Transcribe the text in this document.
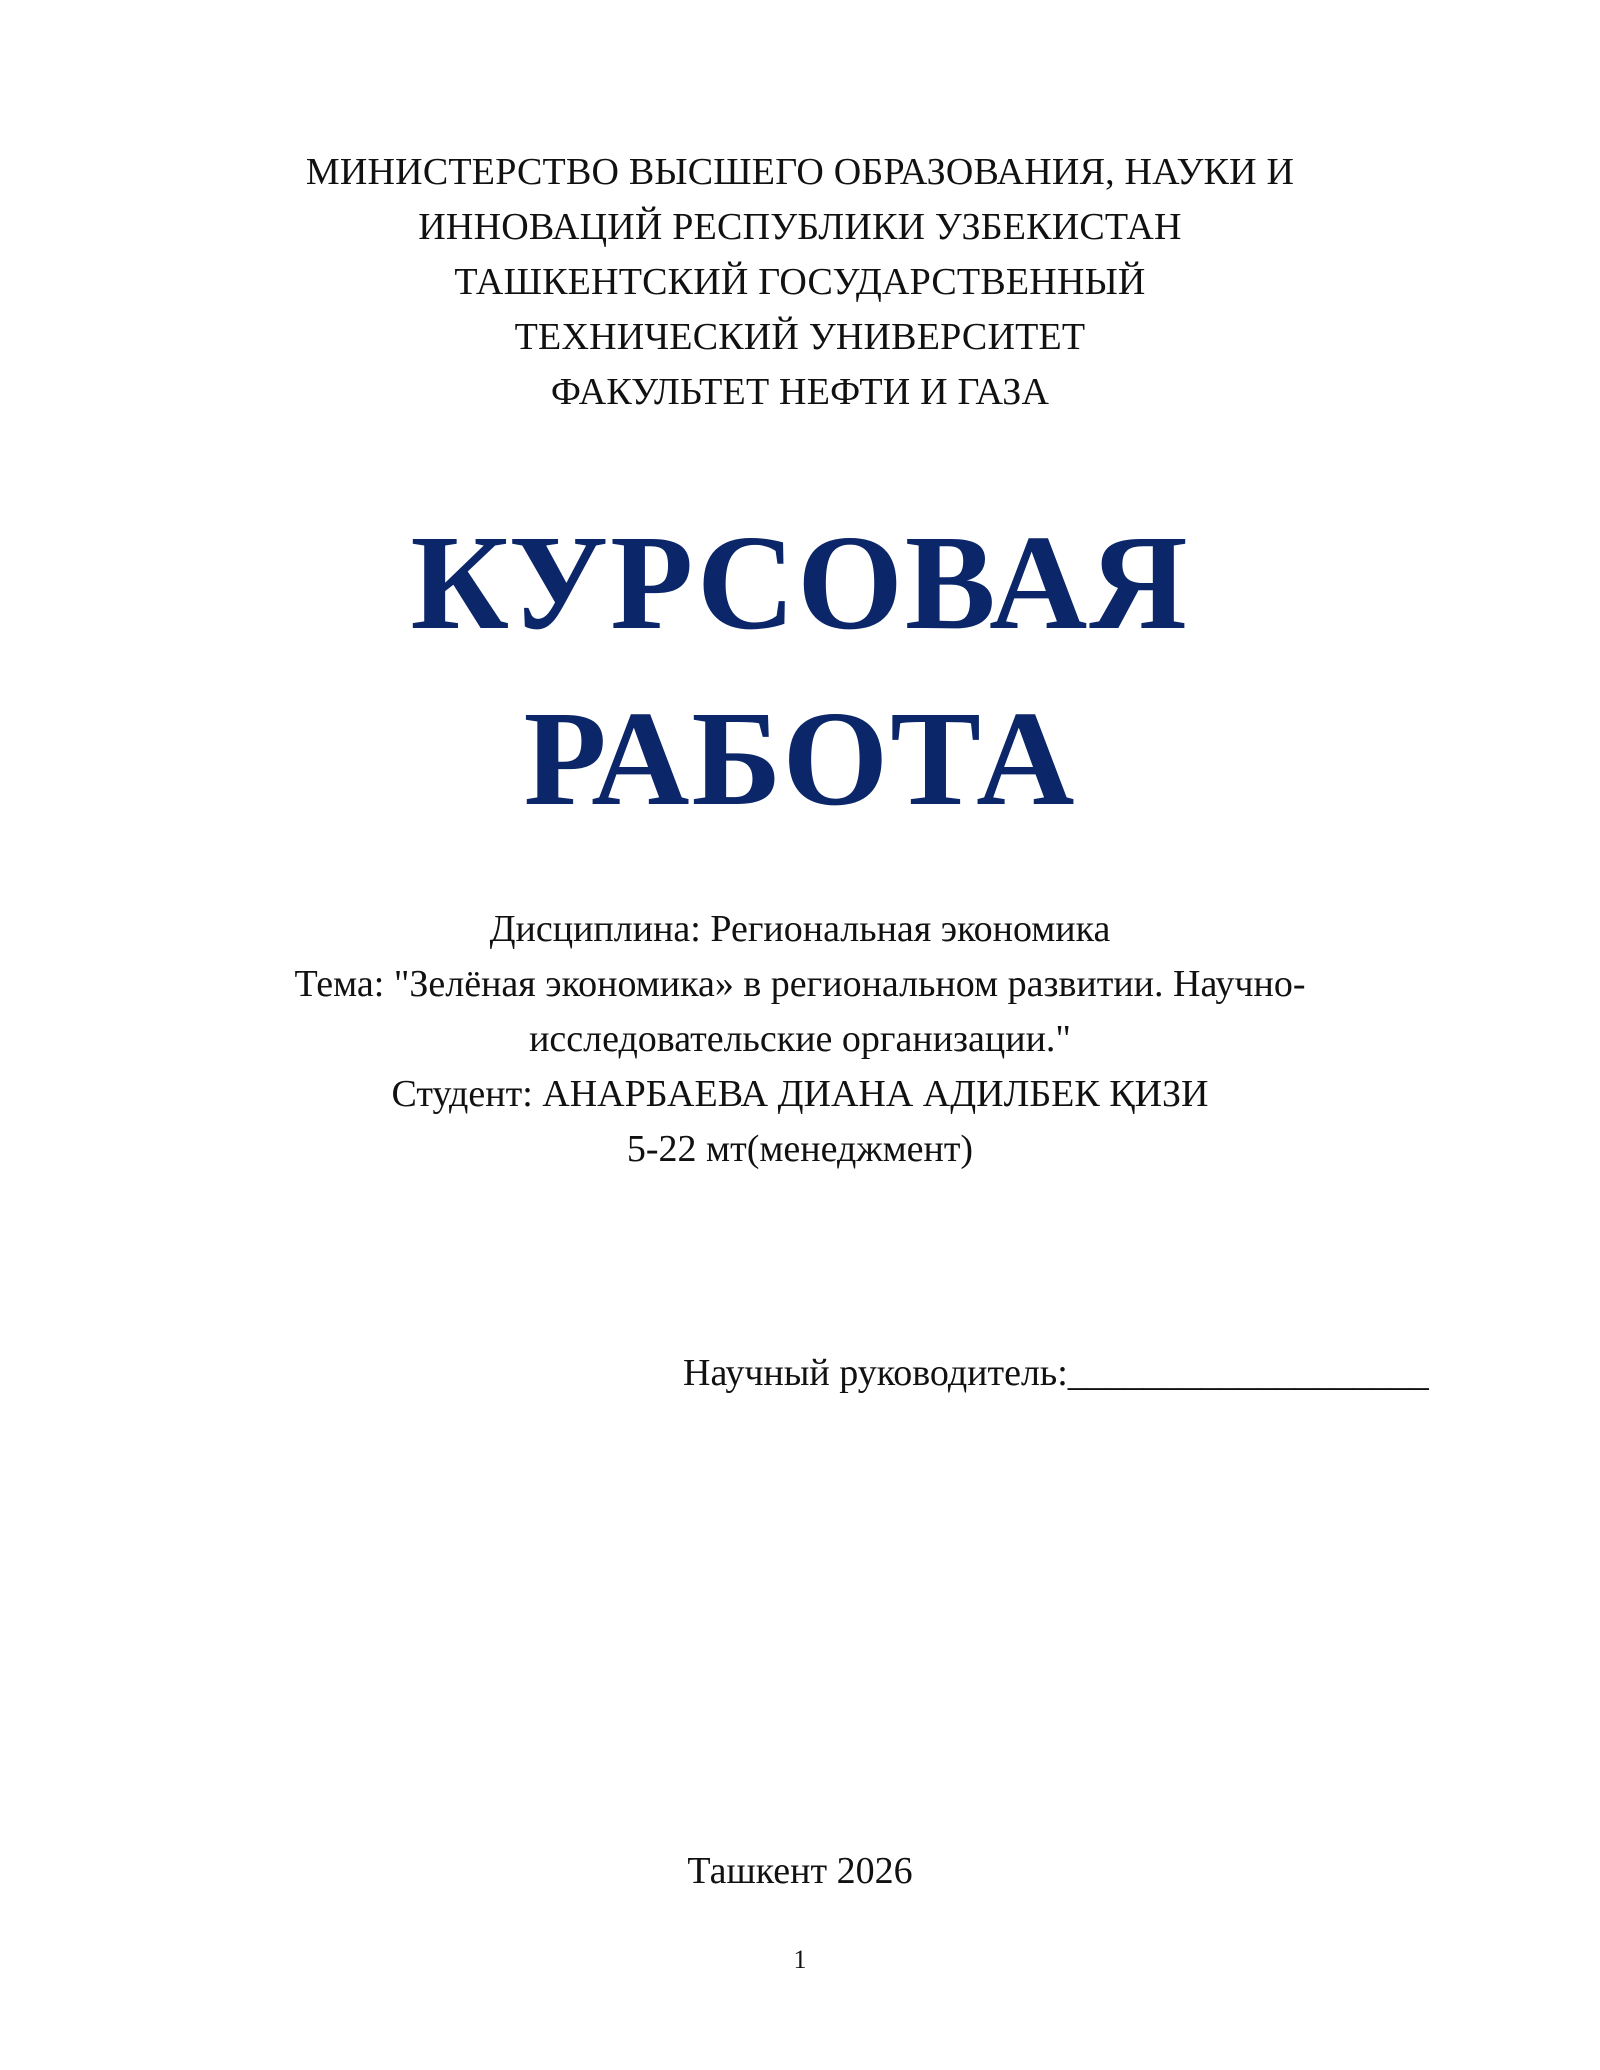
МИНИСТЕРСТВО ВЫСШЕГО ОБРАЗОВАНИЯ, НАУКИ И
ИННОВАЦИЙ РЕСПУБЛИКИ УЗБЕКИСТАН
ТАШКЕНТСКИЙ ГОСУДАРСТВЕННЫЙ
ТЕХНИЧЕСКИЙ УНИВЕРСИТЕТ
ФАКУЛЬТЕТ НЕФТИ И ГАЗА
КУРСОВАЯ
РАБОТА
Дисциплина: Региональная экономика
Тема: "Зелёная экономика» в региональном развитии. Научно-
исследовательские организации."
Студент: АНАРБАЕВА ДИАНА АДИЛБЕК ҚИЗИ
5-22 мт(менеджмент)
Научный руководитель:___________________
Ташкент 2026
1
